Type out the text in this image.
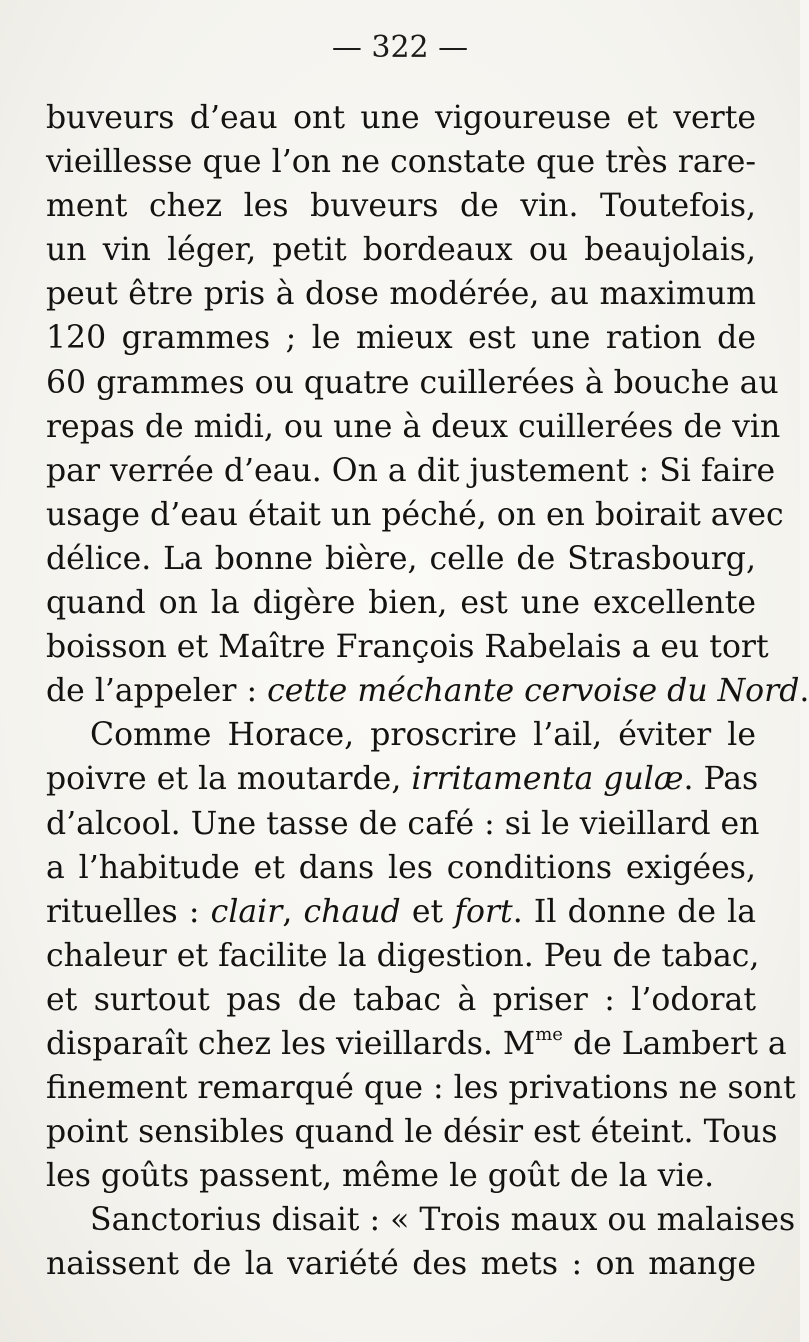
— 322 —
buveurs d’eau ont une vigoureuse et verte
vieillesse que l’on ne constate que très rare-
ment chez les buveurs de vin. Toutefois,
un vin léger, petit bordeaux ou beaujolais,
peut être pris à dose modérée, au maximum
120 grammes ; le mieux est une ration de
60 grammes ou quatre cuillerées à bouche au
repas de midi, ou une à deux cuillerées de vin
par verrée d’eau. On a dit justement : Si faire
usage d’eau était un péché, on en boirait avec
délice. La bonne bière, celle de Strasbourg,
quand on la digère bien, est une excellente
boisson et Maître François Rabelais a eu tort
de l’appeler : cette méchante cervoise du Nord.
Comme Horace, proscrire l’ail, éviter le
poivre et la moutarde, irritamenta gulæ. Pas
d’alcool. Une tasse de café : si le vieillard en
a l’habitude et dans les conditions exigées,
rituelles : clair, chaud et fort. Il donne de la
chaleur et facilite la digestion. Peu de tabac,
et surtout pas de tabac à priser : l’odorat
disparaît chez les vieillards. $M^{me}$ de Lambert a
finement remarqué que : les privations ne sont
point sensibles quand le désir est éteint. Tous
les goûts passent, même le goût de la vie.
Sanctorius disait : « Trois maux ou malaises
naissent de la variété des mets : on mange
